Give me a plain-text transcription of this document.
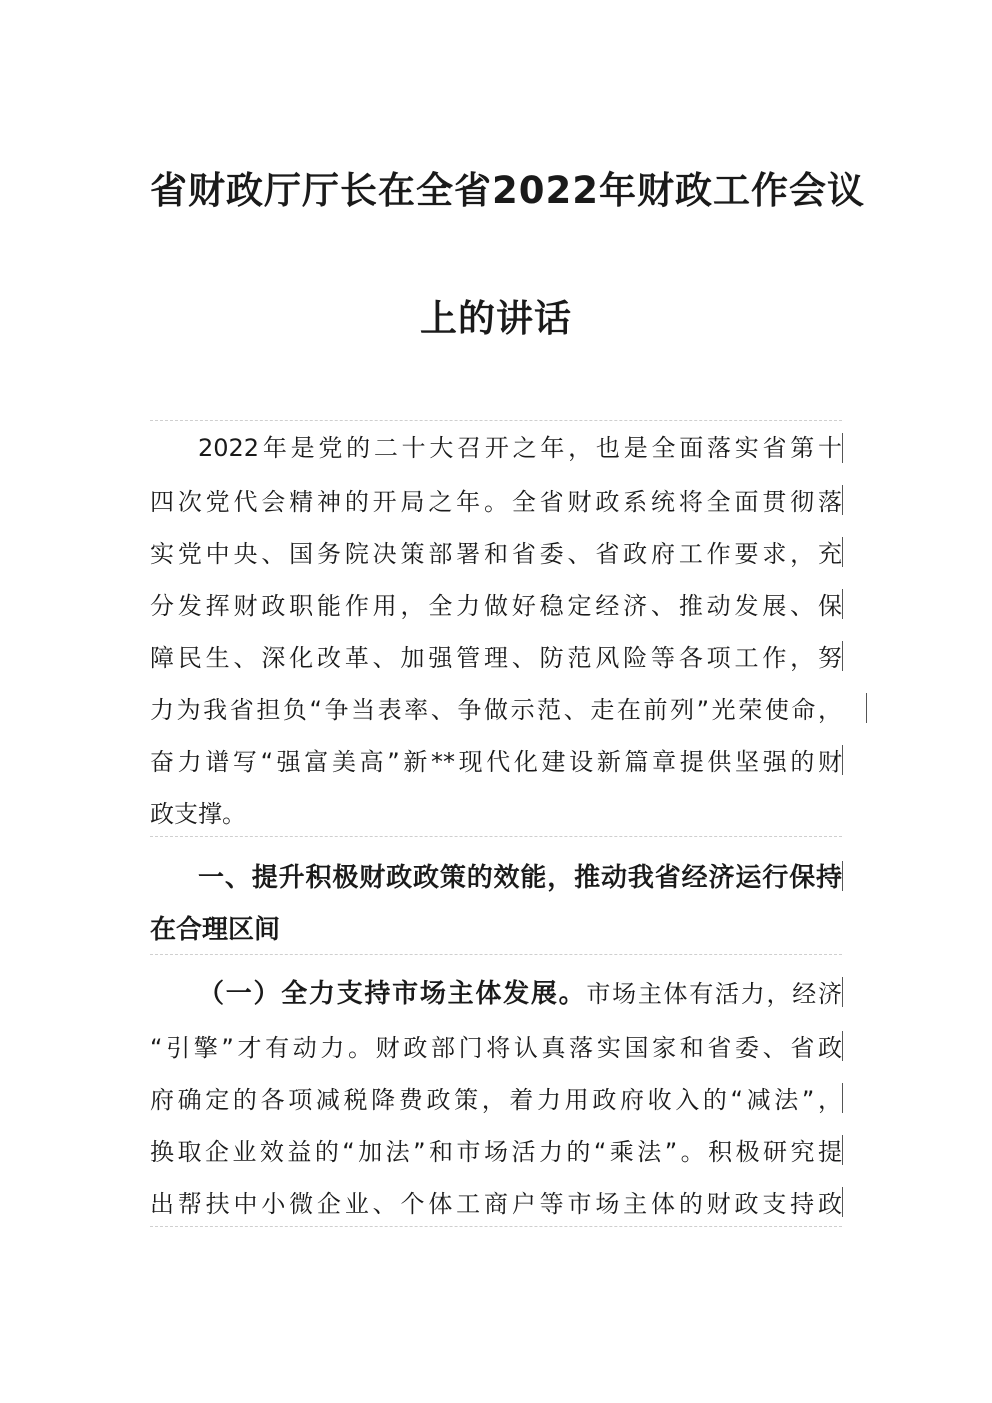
省财政厅厅长在全省2022年财政工作会议
上的讲话
2022年是党的二十大召开之年，也是全面落实省第十
四次党代会精神的开局之年。全省财政系统将全面贯彻落
实党中央、国务院决策部署和省委、省政府工作要求，充
分发挥财政职能作用，全力做好稳定经济、推动发展、保
障民生、深化改革、加强管理、防范风险等各项工作，努
力为我省担负“争当表率、争做示范、走在前列”光荣使命，
奋力谱写“强富美高”新**现代化建设新篇章提供坚强的财
政支撑。
一、提升积极财政政策的效能，推动我省经济运行保持
在合理区间
（一）全力支持市场主体发展。市场主体有活力，经济
“引擎”才有动力。财政部门将认真落实国家和省委、省政
府确定的各项减税降费政策，着力用政府收入的“减法”，
换取企业效益的“加法”和市场活力的“乘法”。积极研究提
出帮扶中小微企业、个体工商户等市场主体的财政支持政
